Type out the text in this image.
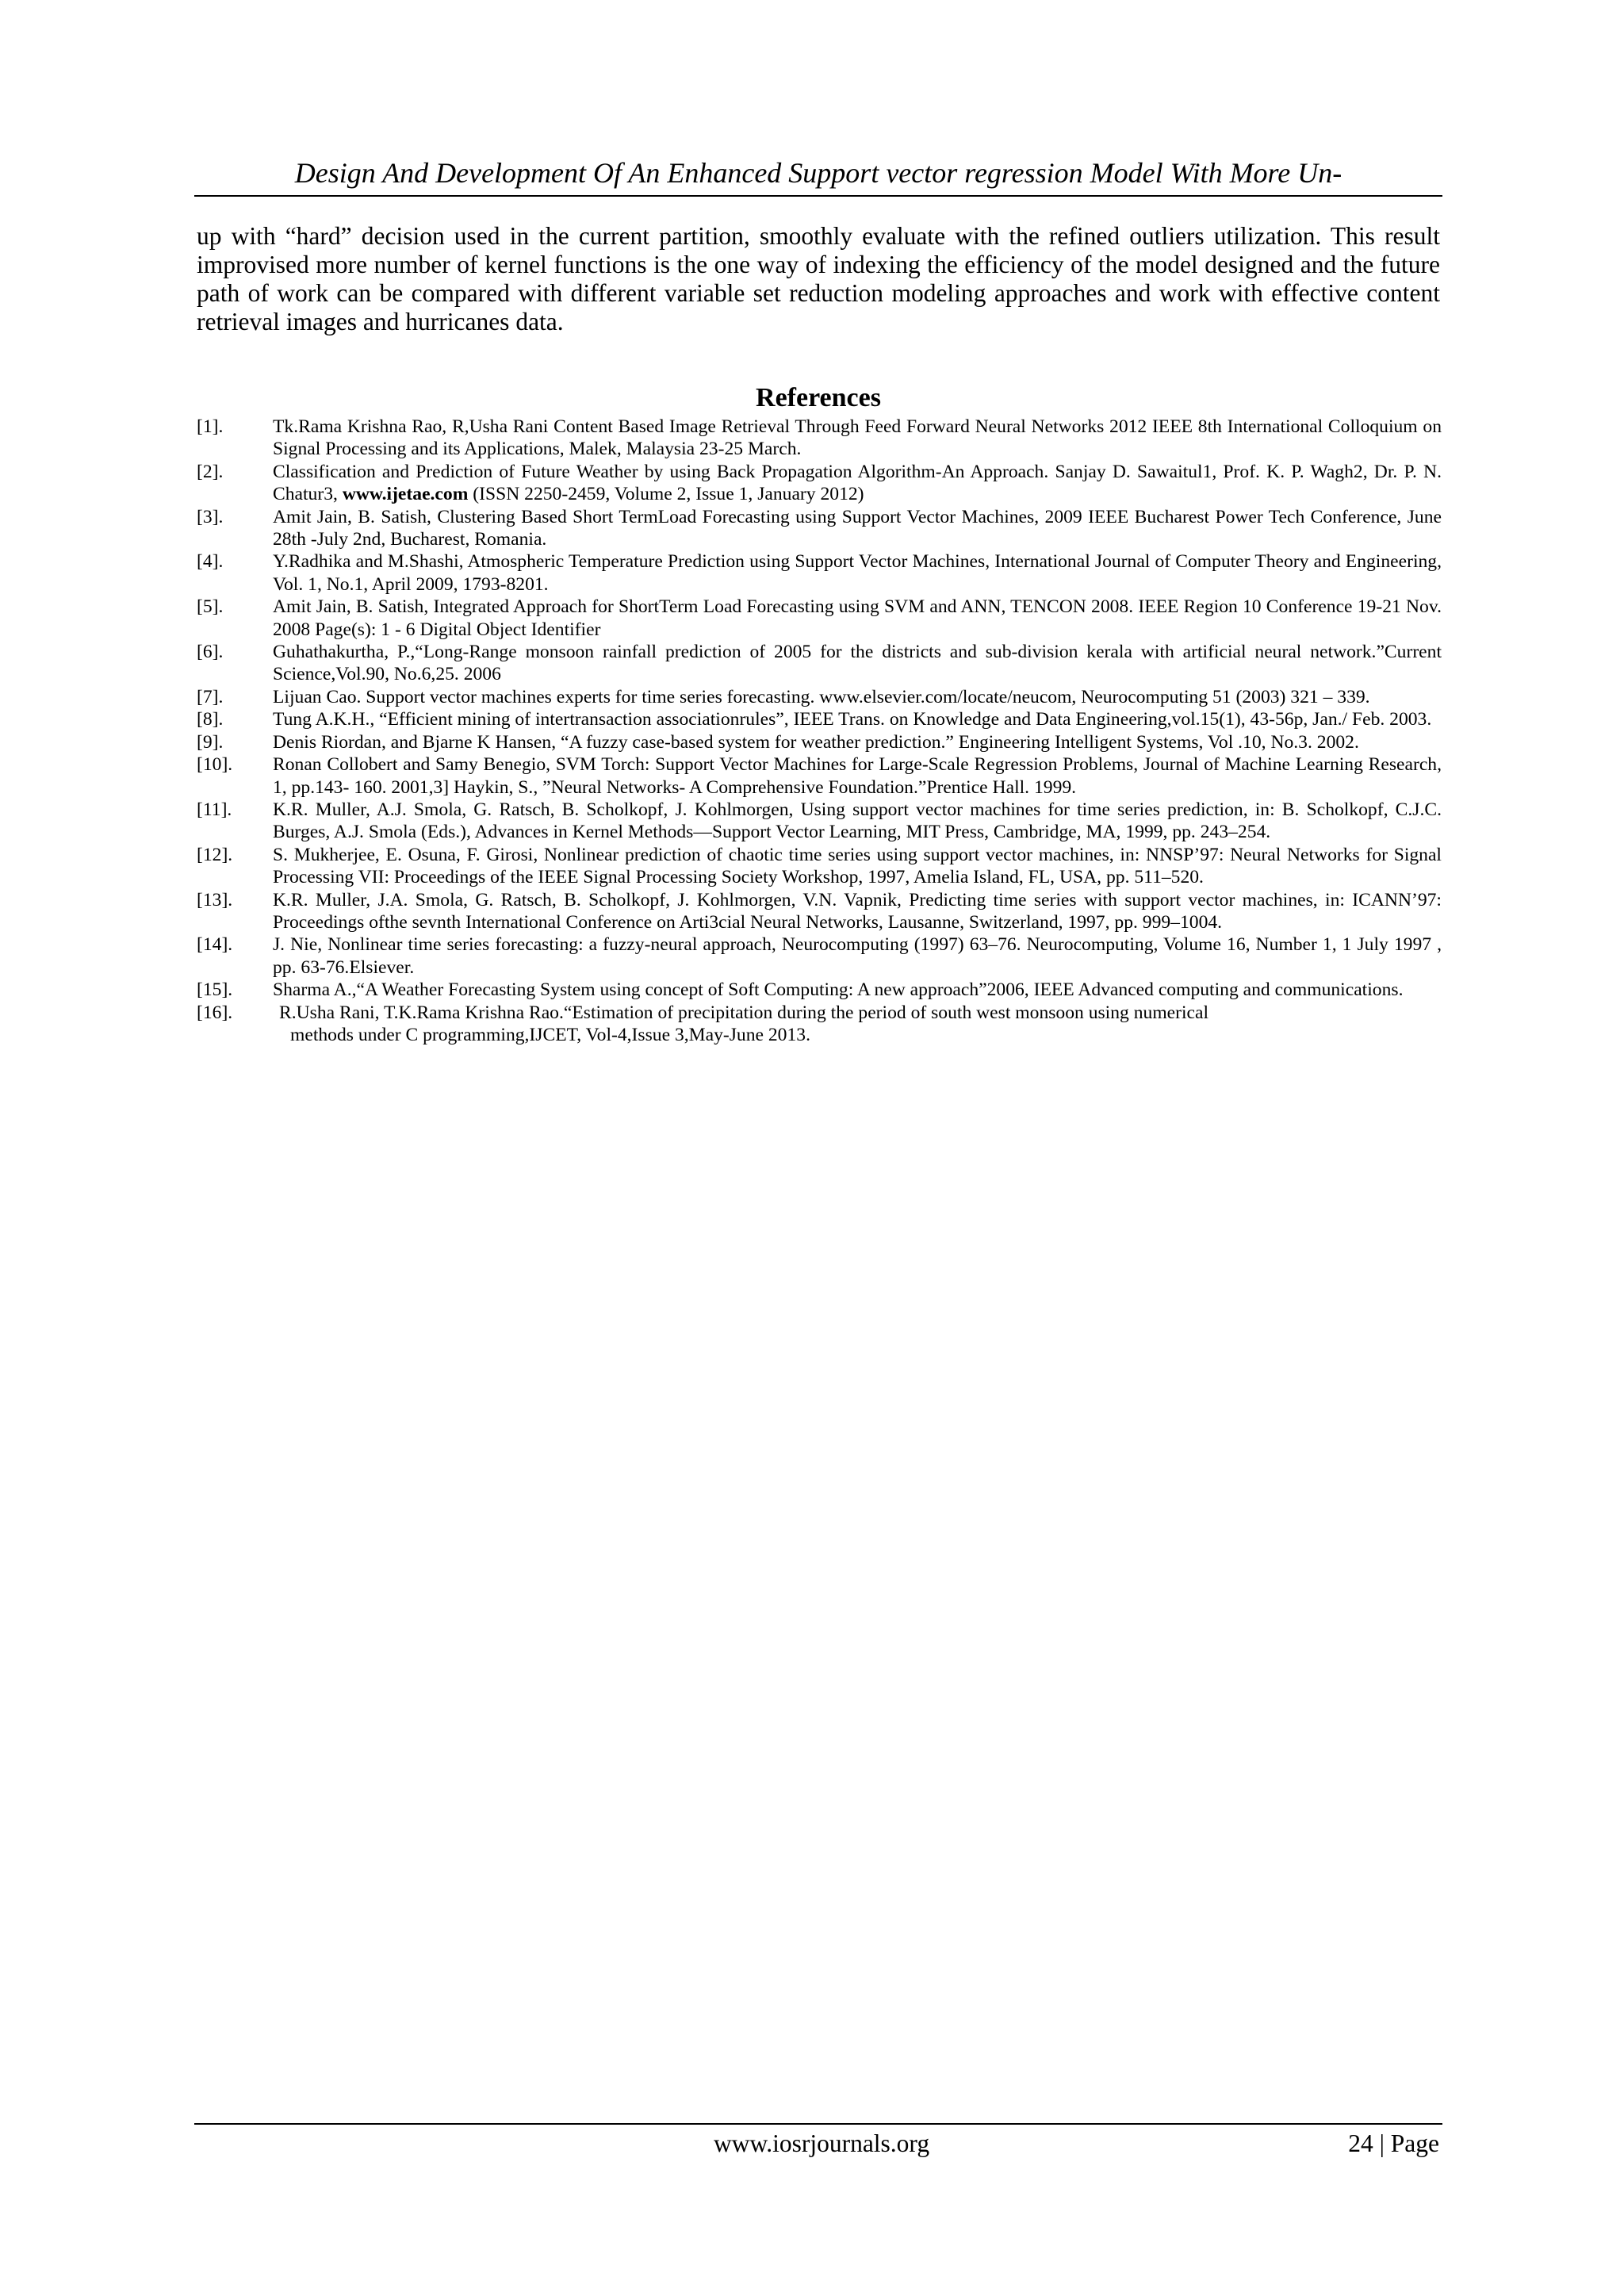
Design And Development Of An Enhanced Support vector regression Model With More Un-

up with “hard” decision used in the current partition, smoothly evaluate with the refined outliers utilization. This result improvised more number of kernel functions is the one way of indexing the efficiency of the model designed and the future path of work can be compared with different variable set reduction modeling approaches and work with effective content retrieval images and hurricanes data.

References
[1].	Tk.Rama Krishna Rao, R,Usha Rani Content Based Image Retrieval Through Feed Forward Neural Networks 2012 IEEE 8th International Colloquium on Signal Processing and its Applications, Malek, Malaysia 23-25 March.
[2].	Classification and Prediction of Future Weather by using Back Propagation Algorithm-An Approach. Sanjay D. Sawaitul1, Prof. K. P. Wagh2, Dr. P. N. Chatur3, www.ijetae.com (ISSN 2250-2459, Volume 2, Issue 1, January 2012)
[3].	Amit Jain, B. Satish, Clustering Based Short TermLoad Forecasting using Support Vector Machines, 2009 IEEE Bucharest Power Tech Conference, June 28th -July 2nd, Bucharest, Romania.
[4].	Y.Radhika and M.Shashi, Atmospheric Temperature Prediction using Support Vector Machines, International Journal of Computer Theory and Engineering, Vol. 1, No.1, April 2009, 1793-8201.
[5].	Amit Jain, B. Satish, Integrated Approach for ShortTerm Load Forecasting using SVM and ANN, TENCON 2008. IEEE Region 10 Conference 19-21 Nov. 2008 Page(s): 1 - 6 Digital Object Identifier
[6].	Guhathakurtha, P.,“Long-Range monsoon rainfall prediction of 2005 for the districts and sub-division kerala with artificial neural network.”Current Science,Vol.90, No.6,25. 2006
[7].	Lijuan Cao. Support vector machines experts for time series forecasting. www.elsevier.com/locate/neucom, Neurocomputing 51 (2003) 321 – 339.
[8].	Tung A.K.H., “Efficient mining of intertransaction associationrules”, IEEE Trans. on Knowledge and Data Engineering,vol.15(1), 43-56p, Jan./ Feb. 2003.
[9].	Denis Riordan, and Bjarne K Hansen, “A fuzzy case-based system for weather prediction.” Engineering Intelligent Systems, Vol .10, No.3. 2002.
[10]. Ronan Collobert and Samy Benegio, SVM Torch: Support Vector Machines for Large-Scale Regression Problems, Journal of Machine Learning Research, 1, pp.143- 160. 2001,3] Haykin, S., ”Neural Networks- A Comprehensive Foundation.”Prentice Hall. 1999.
[11]. K.R. Muller, A.J. Smola, G. Ratsch, B. Scholkopf, J. Kohlmorgen, Using support vector machines for time series prediction, in: B. Scholkopf, C.J.C. Burges, A.J. Smola (Eds.), Advances in Kernel Methods—Support Vector Learning, MIT Press, Cambridge, MA, 1999, pp. 243–254.
[12]. S. Mukherjee, E. Osuna, F. Girosi, Nonlinear prediction of chaotic time series using support vector machines, in: NNSP’97: Neural Networks for Signal Processing VII: Proceedings of the IEEE Signal Processing Society Workshop, 1997, Amelia Island, FL, USA, pp. 511–520.
[13]. K.R. Muller, J.A. Smola, G. Ratsch, B. Scholkopf, J. Kohlmorgen, V.N. Vapnik, Predicting time series with support vector machines, in: ICANN’97: Proceedings ofthe sevnth International Conference on Arti3cial Neural Networks, Lausanne, Switzerland, 1997, pp. 999–1004.
[14]. J. Nie, Nonlinear time series forecasting: a fuzzy-neural approach, Neurocomputing (1997) 63–76. Neurocomputing, Volume 16, Number 1, 1 July 1997 , pp. 63-76.Elsiever.
[15]. Sharma A.,“A Weather Forecasting System using concept of Soft Computing: A new approach”2006, IEEE Advanced computing and communications.
[16]. R.Usha Rani, T.K.Rama Krishna Rao.“Estimation of precipitation during the period of south west monsoon using numerical
methods under C programming,IJCET, Vol-4,Issue 3,May-June 2013.
www.iosrjournals.org	24 | Page
